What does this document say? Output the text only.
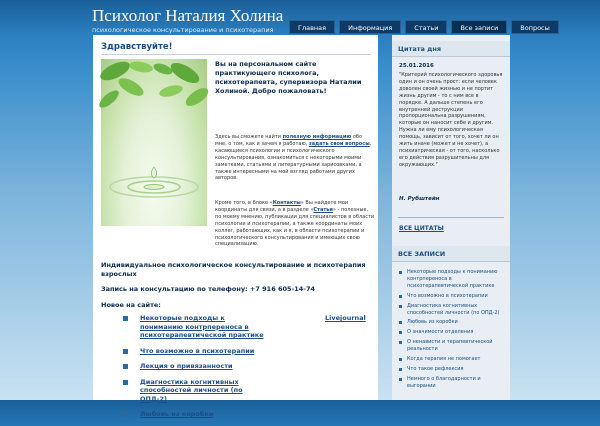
Психолог Наталия Холина
психологическое консультирование и психотерапия	Главная	Информация	Статьи	Все записи	Вопросы
Здравствуйте!
Вы на персональном сайте практикующего психолога, психотерапевта, супервизора Наталии Холиной. Добро пожаловать!
Здесь вы сможете найти полезную информацию обо мне, о том, как и зачем я работаю, задать свои вопросы, касающиеся психологии и психологического консультирования, ознакомиться с некоторыми моими заметками, статьями и литературными зарисовками, а также интересными на мой взгляд работами других авторов.
Кроме того, в блоке «Контакты» Вы найдете мои координаты для связи, а в разделе «Статьи» - полезные, по моему мнению, публикации для специалистов в области психологии и психотерапии, а также координаты моих коллег, работающих, как и я, в области психотерапии и психологического консультирования и имеющих свою специализацию.
Индивидуальное психологическое консультирование и психотерапия взрослых
Запись на консультацию по телефону: +7 916 605-14-74
Новое на сайте:
Некоторые подходы к пониманию контрпереноса в психотерапевтической практике
Что возможно в психотерапии
Лекция о привязанности
Диагностика когнитивных способностей личности (по ОПД-2)
Любовь из коробки
Livejournal
Цитата дня
25.01.2016
"Критерий психологического здоровья один и он очень прост: если человек доволен своей жизнью и не портит жизнь другим - то с ним все в порядке. А дальше степень его внутренней деструкции пропорциональна разрушениям, которые он наносит себе и другим. Нужна ли ему психологическая помощь, зависит от того, хочет ли он жить иначе (может и не хочет), а психиатрическая - от того, насколько его действия разрушительны для окружающих."
Н. Рубштейн
ВСЕ ЦИТАТЫ
ВСЕ ЗАПИСИ
Некоторые подходы к пониманию контрпереноса в психотерапевтической практике
Что возможно в психотерапии
Диагностика когнитивных способностей личности (по ОПД-2)
Любовь из коробки
О значимости отделения
О ненависти и терапевтической реальности
Когда терапия не помогает
Что такое рефлексия
Немного о благодарности и выгорании
